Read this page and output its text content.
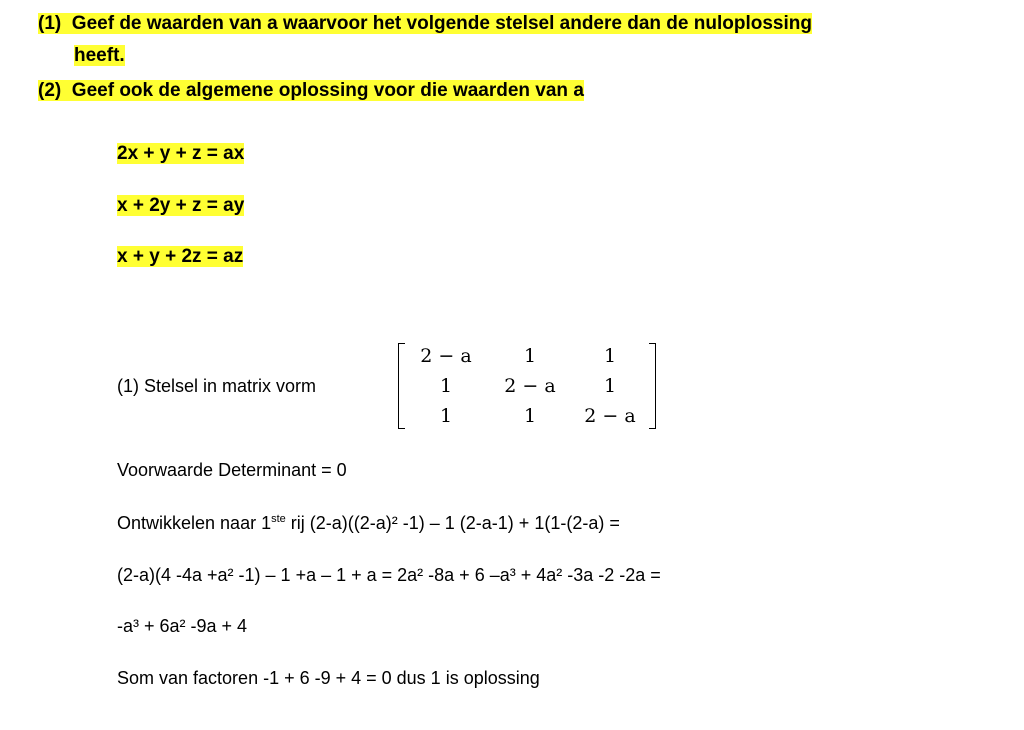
(1) Geef de waarden van a waarvoor het volgende stelsel andere dan de nuloplossing
heeft.
(2) Geef ook de algemene oplossing voor die waarden van a
2x + y + z = ax
x + 2y + z = ay
x + y + 2z = az
(1) Stelsel in matrix vorm
2 − a	1	1
1	2 − a	1
1	1	2 − a
Voorwaarde Determinant = 0
Ontwikkelen naar 1ste rij (2-a)((2-a)² -1) – 1 (2-a-1) + 1(1-(2-a) =
(2-a)(4 -4a +a² -1) – 1 +a – 1 + a = 2a² -8a + 6 –a³ + 4a² -3a -2 -2a =
-a³ + 6a² -9a + 4
Som van factoren -1 + 6 -9 + 4 = 0 dus 1 is oplossing
